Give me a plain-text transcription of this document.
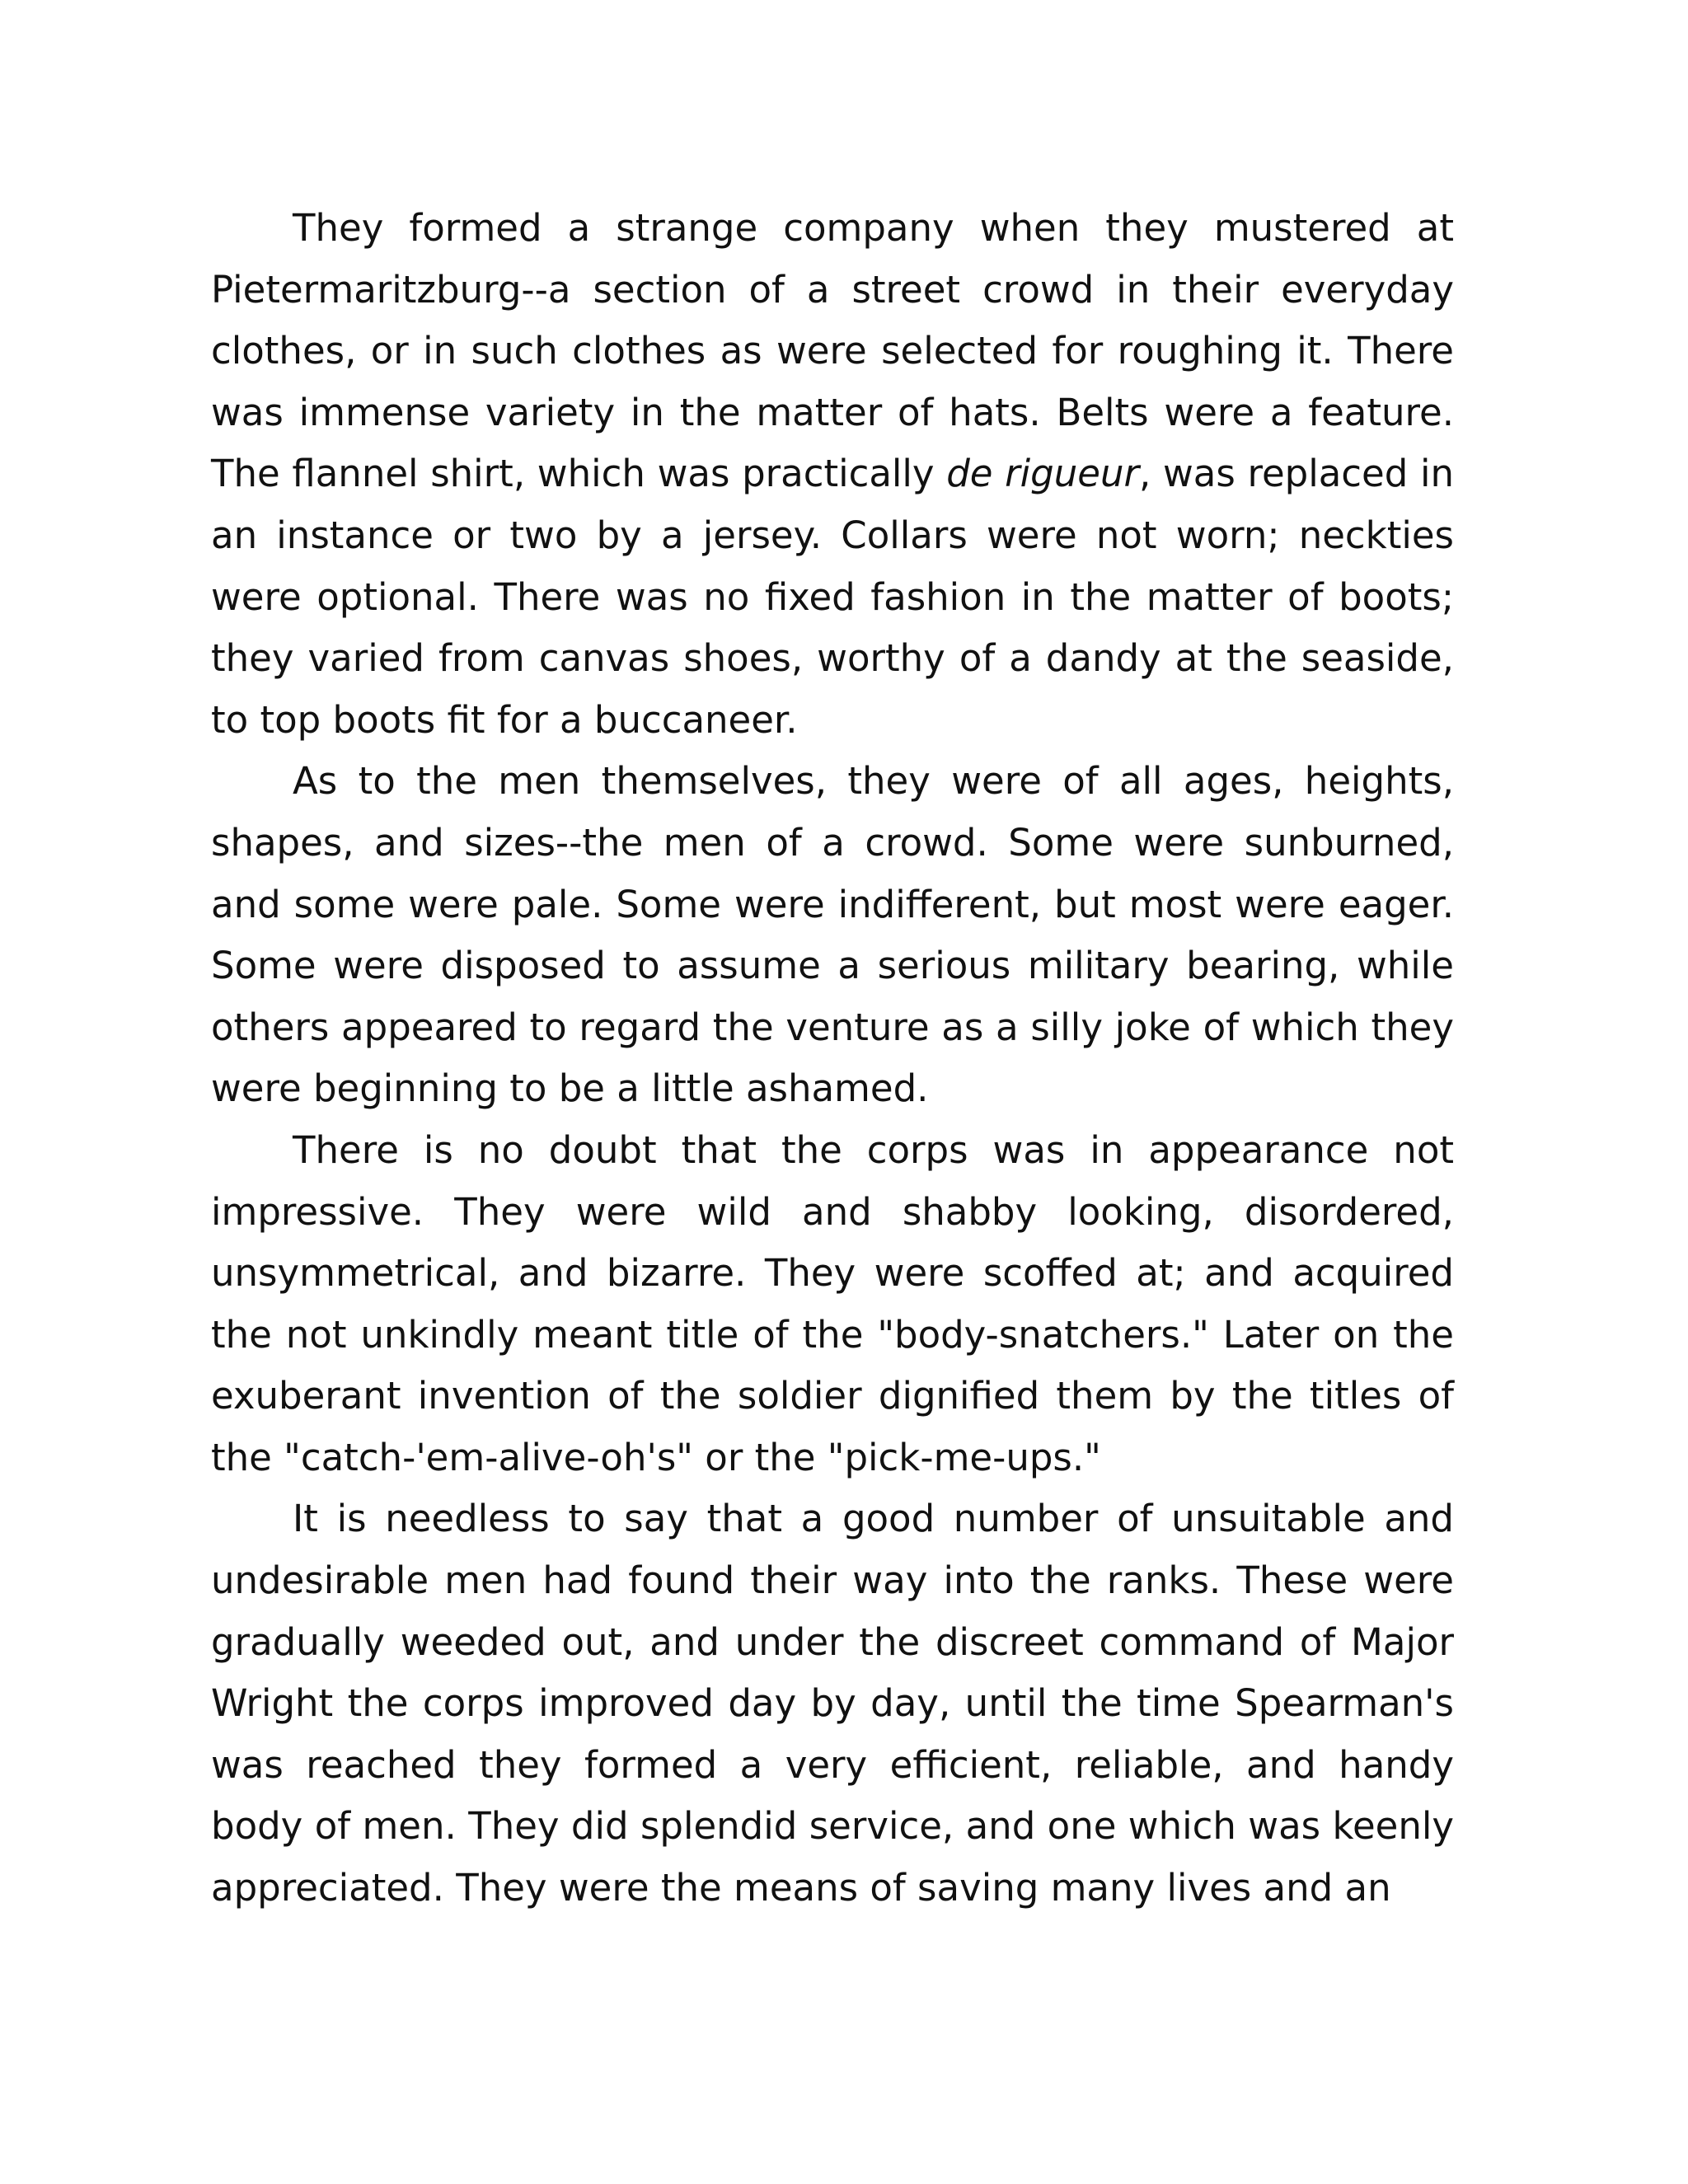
They formed a strange company when they mustered at Pietermaritzburg--a section of a street crowd in their everyday clothes, or in such clothes as were selected for roughing it. There was immense variety in the matter of hats. Belts were a feature. The flannel shirt, which was practically de rigueur, was replaced in an instance or two by a jersey. Collars were not worn; neckties were optional. There was no fixed fashion in the matter of boots; they varied from canvas shoes, worthy of a dandy at the seaside, to top boots fit for a buccaneer.

As to the men themselves, they were of all ages, heights, shapes, and sizes--the men of a crowd. Some were sunburned, and some were pale. Some were indifferent, but most were eager. Some were disposed to assume a serious military bearing, while others appeared to regard the venture as a silly joke of which they were beginning to be a little ashamed.

There is no doubt that the corps was in appearance not impressive. They were wild and shabby looking, disordered, unsymmetrical, and bizarre. They were scoffed at; and acquired the not unkindly meant title of the "body-snatchers." Later on the exuberant invention of the soldier dignified them by the titles of the "catch-'em-alive-oh's" or the "pick-me-ups."

It is needless to say that a good number of unsuitable and undesirable men had found their way into the ranks. These were gradually weeded out, and under the discreet command of Major Wright the corps improved day by day, until the time Spearman's was reached they formed a very efficient, reliable, and handy body of men. They did splendid service, and one which was keenly appreciated. They were the means of saving many lives and an
